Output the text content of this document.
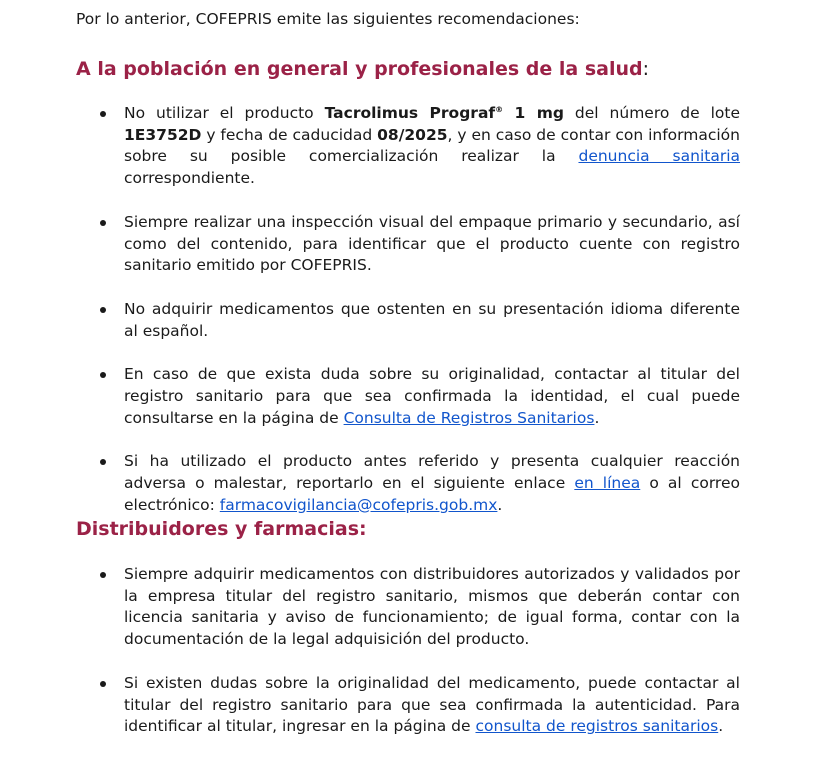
Por lo anterior, COFEPRIS emite las siguientes recomendaciones:
A la población en general y profesionales de la salud:
No utilizar el producto Tacrolimus Prograf® 1 mg del número de lote 1E3752D y fecha de caducidad 08/2025, y en caso de contar con información sobre su posible comercialización realizar la denuncia sanitaria correspondiente.
Siempre realizar una inspección visual del empaque primario y secundario, así como del contenido, para identificar que el producto cuente con registro sanitario emitido por COFEPRIS.
No adquirir medicamentos que ostenten en su presentación idioma diferente al español.
En caso de que exista duda sobre su originalidad, contactar al titular del registro sanitario para que sea confirmada la identidad, el cual puede consultarse en la página de Consulta de Registros Sanitarios.
Si ha utilizado el producto antes referido y presenta cualquier reacción adversa o malestar, reportarlo en el siguiente enlace en línea o al correo electrónico: farmacovigilancia@cofepris.gob.mx.
Distribuidores y farmacias:
Siempre adquirir medicamentos con distribuidores autorizados y validados por la empresa titular del registro sanitario, mismos que deberán contar con licencia sanitaria y aviso de funcionamiento; de igual forma, contar con la documentación de la legal adquisición del producto.
Si existen dudas sobre la originalidad del medicamento, puede contactar al titular del registro sanitario para que sea confirmada la autenticidad. Para identificar al titular, ingresar en la página de consulta de registros sanitarios.
